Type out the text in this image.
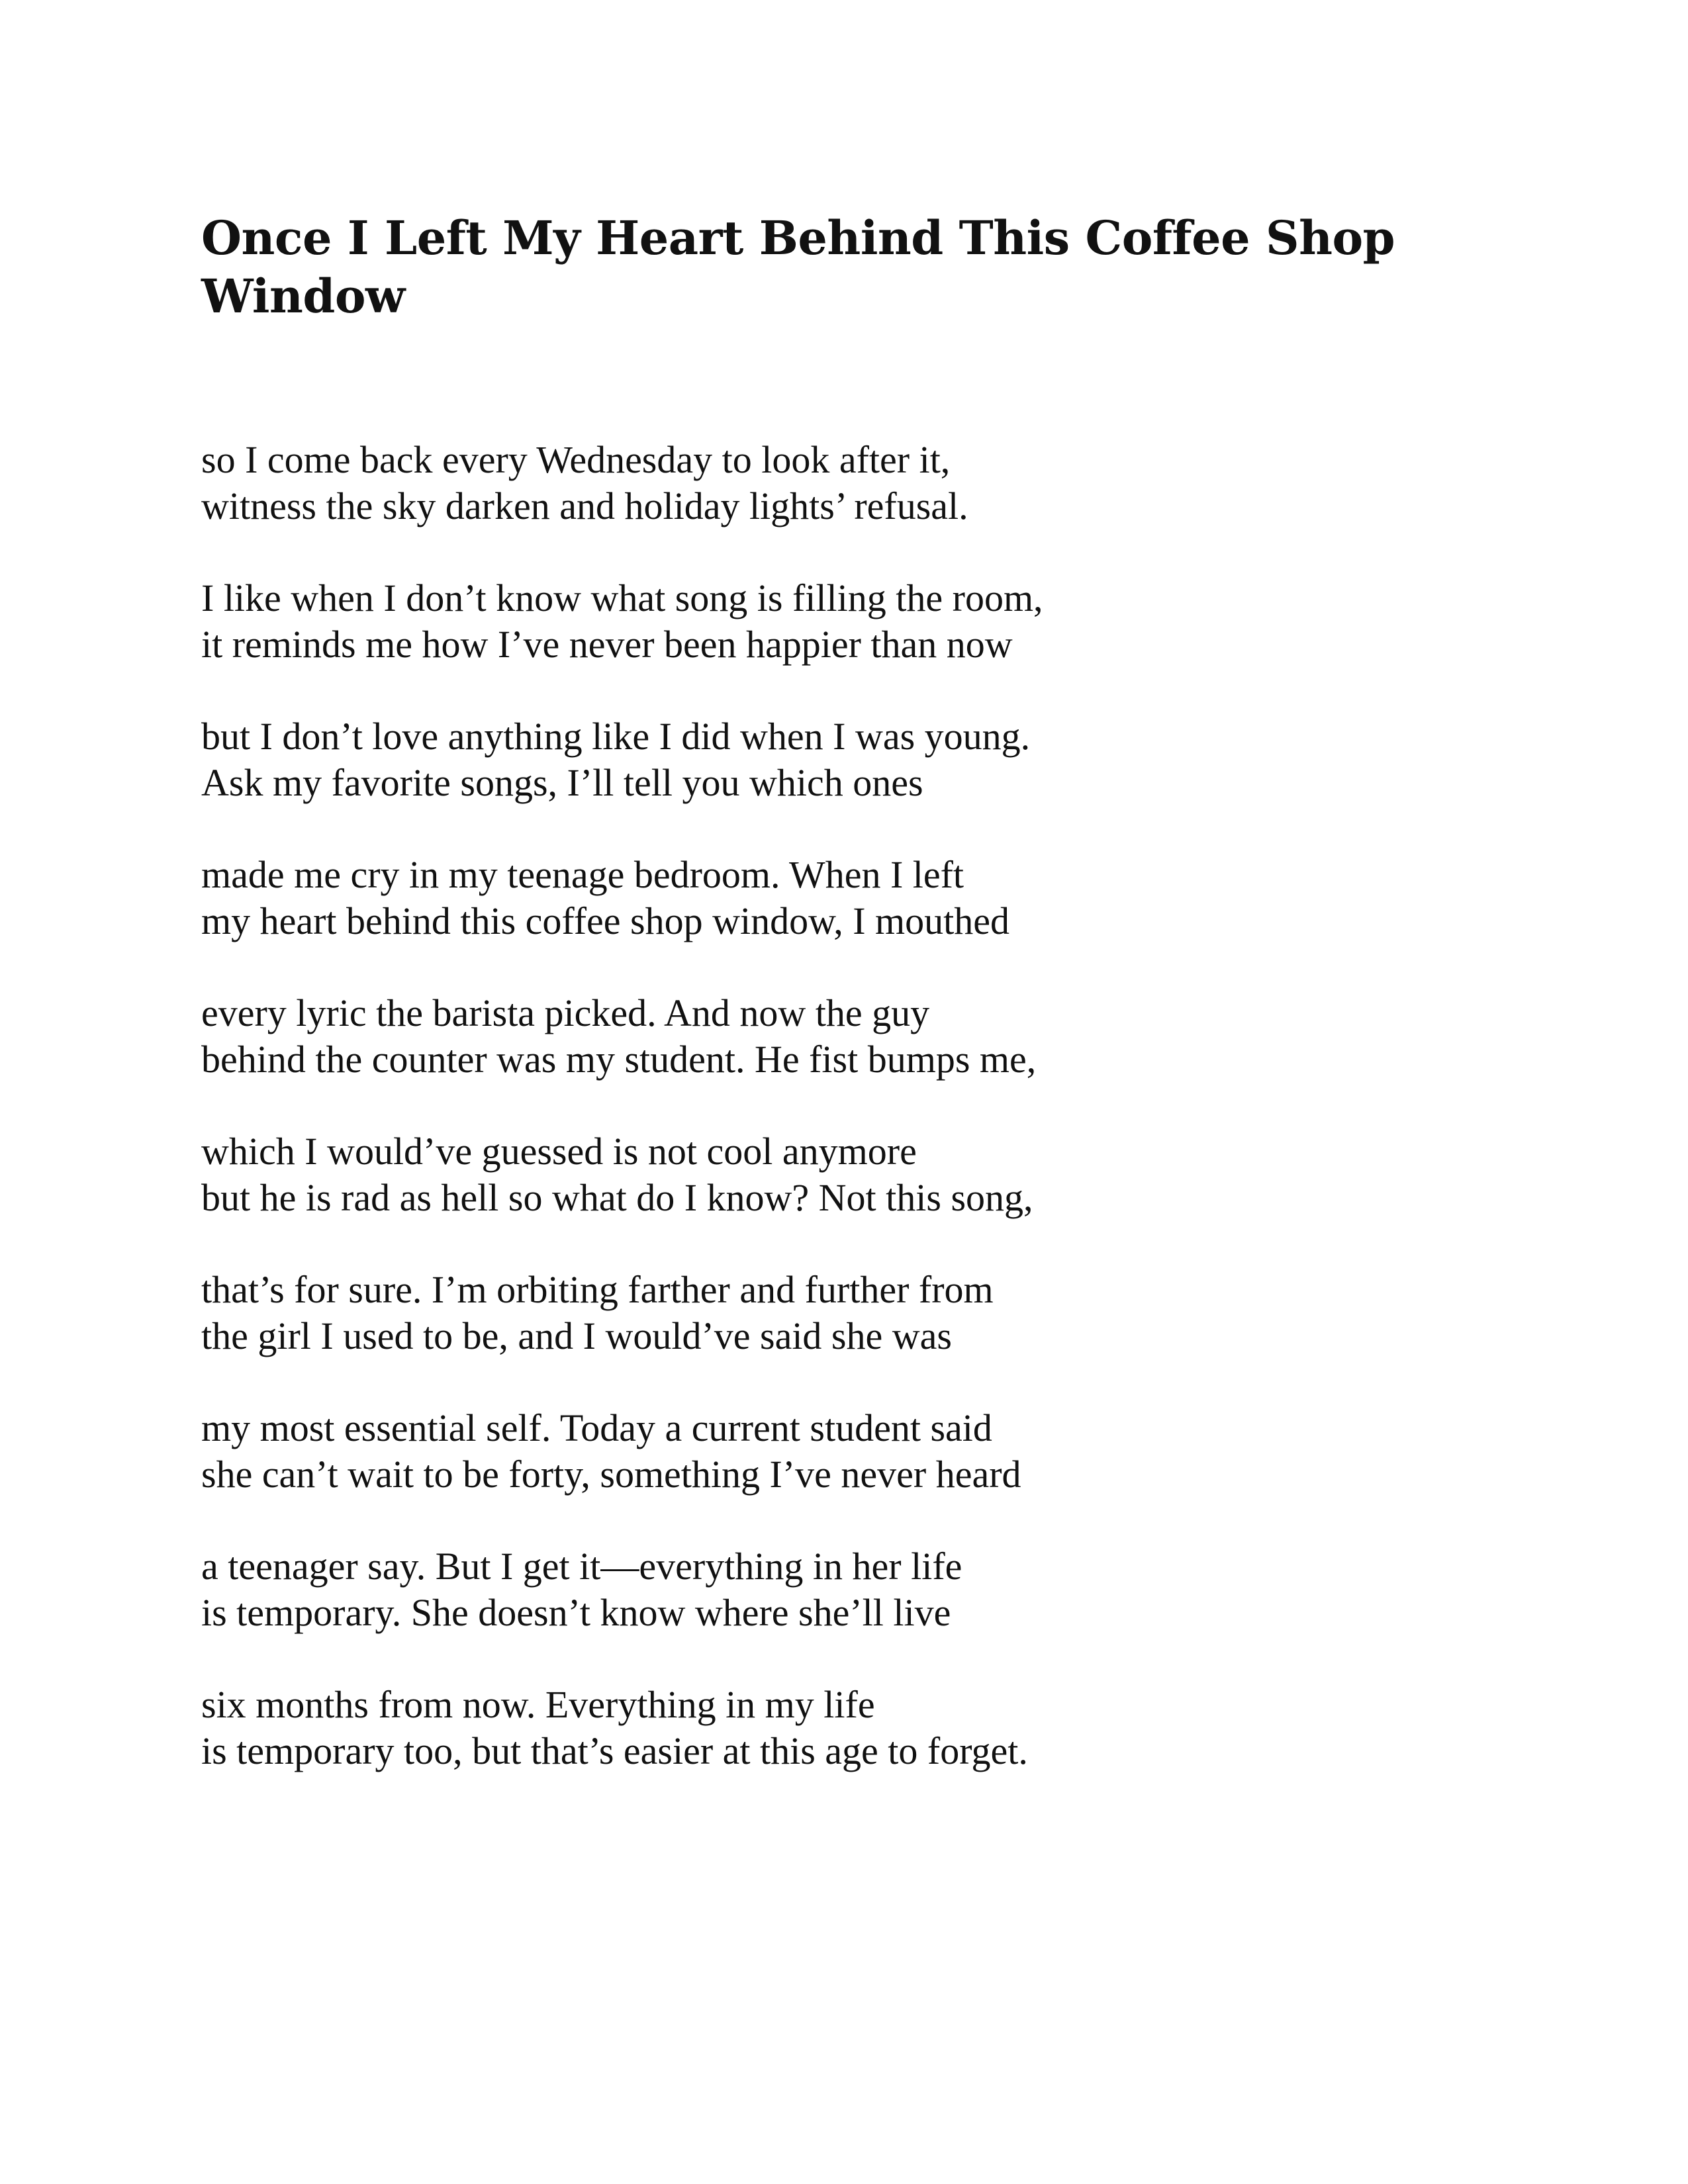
Once I Left My Heart Behind This Coffee Shop Window

so I come back every Wednesday to look after it,
witness the sky darken and holiday lights’ refusal.

I like when I don’t know what song is filling the room,
it reminds me how I’ve never been happier than now

but I don’t love anything like I did when I was young.
Ask my favorite songs, I’ll tell you which ones

made me cry in my teenage bedroom. When I left
my heart behind this coffee shop window, I mouthed

every lyric the barista picked. And now the guy
behind the counter was my student. He fist bumps me,

which I would’ve guessed is not cool anymore
but he is rad as hell so what do I know? Not this song,

that’s for sure. I’m orbiting farther and further from
the girl I used to be, and I would’ve said she was

my most essential self. Today a current student said
she can’t wait to be forty, something I’ve never heard

a teenager say. But I get it—everything in her life
is temporary. She doesn’t know where she’ll live

six months from now. Everything in my life
is temporary too, but that’s easier at this age to forget.
